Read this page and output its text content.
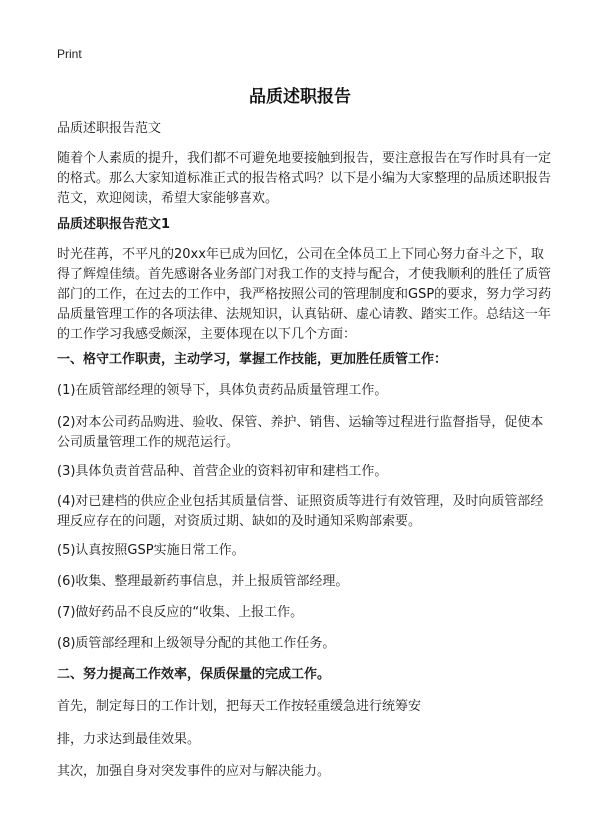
Print
品质述职报告
品质述职报告范文
随着个人素质的提升，我们都不可避免地要接触到报告，要注意报告在写作时具有一定的格式。那么大家知道标准正式的报告格式吗？以下是小编为大家整理的品质述职报告范文，欢迎阅读，希望大家能够喜欢。
品质述职报告范文1
时光荏苒，不平凡的20xx年已成为回忆，公司在全体员工上下同心努力奋斗之下，取得了辉煌佳绩。首先感谢各业务部门对我工作的支持与配合，才使我顺利的胜任了质管部门的工作，在过去的工作中，我严格按照公司的管理制度和GSP的要求，努力学习药品质量管理工作的各项法律、法规知识，认真钻研、虚心请教、踏实工作。总结这一年的工作学习我感受颇深，主要体现在以下几个方面：
一、格守工作职责，主动学习，掌握工作技能，更加胜任质管工作：
(1)在质管部经理的领导下，具体负责药品质量管理工作。
(2)对本公司药品购进、验收、保管、养护、销售、运输等过程进行监督指导，促使本公司质量管理工作的规范运行。
(3)具体负责首营品种、首营企业的资料初审和建档工作。
(4)对已建档的供应企业包括其质量信誉、证照资质等进行有效管理，及时向质管部经理反应存在的问题，对资质过期、缺如的及时通知采购部索要。
(5)认真按照GSP实施日常工作。
(6)收集、整理最新药事信息，并上报质管部经理。
(7)做好药品不良反应的“收集、上报工作。
(8)质管部经理和上级领导分配的其他工作任务。
二、努力提高工作效率，保质保量的完成工作。
首先，制定每日的工作计划，把每天工作按轻重缓急进行统筹安
排，力求达到最佳效果。
其次，加强自身对突发事件的应对与解决能力。
